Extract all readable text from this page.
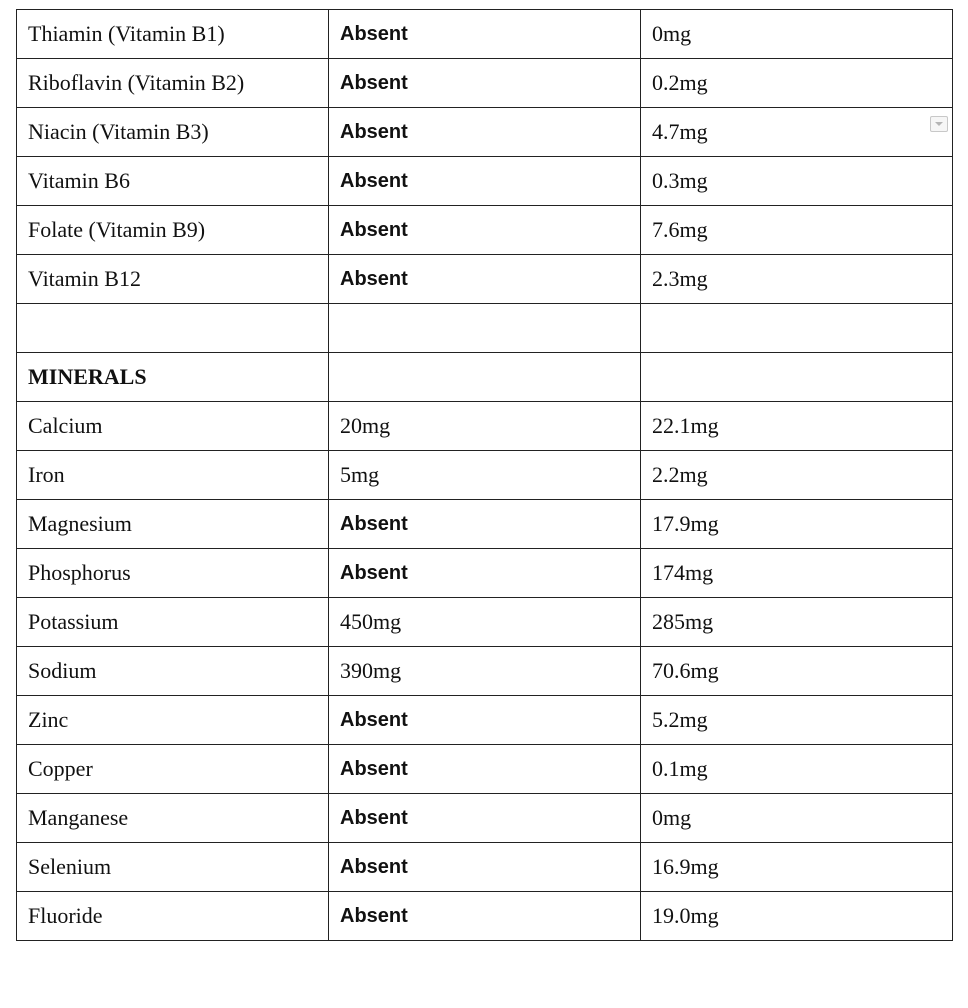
Thiamin (Vitamin B1)	Absent	0mg
Riboflavin (Vitamin B2)	Absent	0.2mg
Niacin (Vitamin B3)	Absent	4.7mg
Vitamin B6	Absent	0.3mg
Folate (Vitamin B9)	Absent	7.6mg
Vitamin B12	Absent	2.3mg

MINERALS		
Calcium	20mg	22.1mg
Iron	5mg	2.2mg
Magnesium	Absent	17.9mg
Phosphorus	Absent	174mg
Potassium	450mg	285mg
Sodium	390mg	70.6mg
Zinc	Absent	5.2mg
Copper	Absent	0.1mg
Manganese	Absent	0mg
Selenium	Absent	16.9mg
Fluoride	Absent	19.0mg
